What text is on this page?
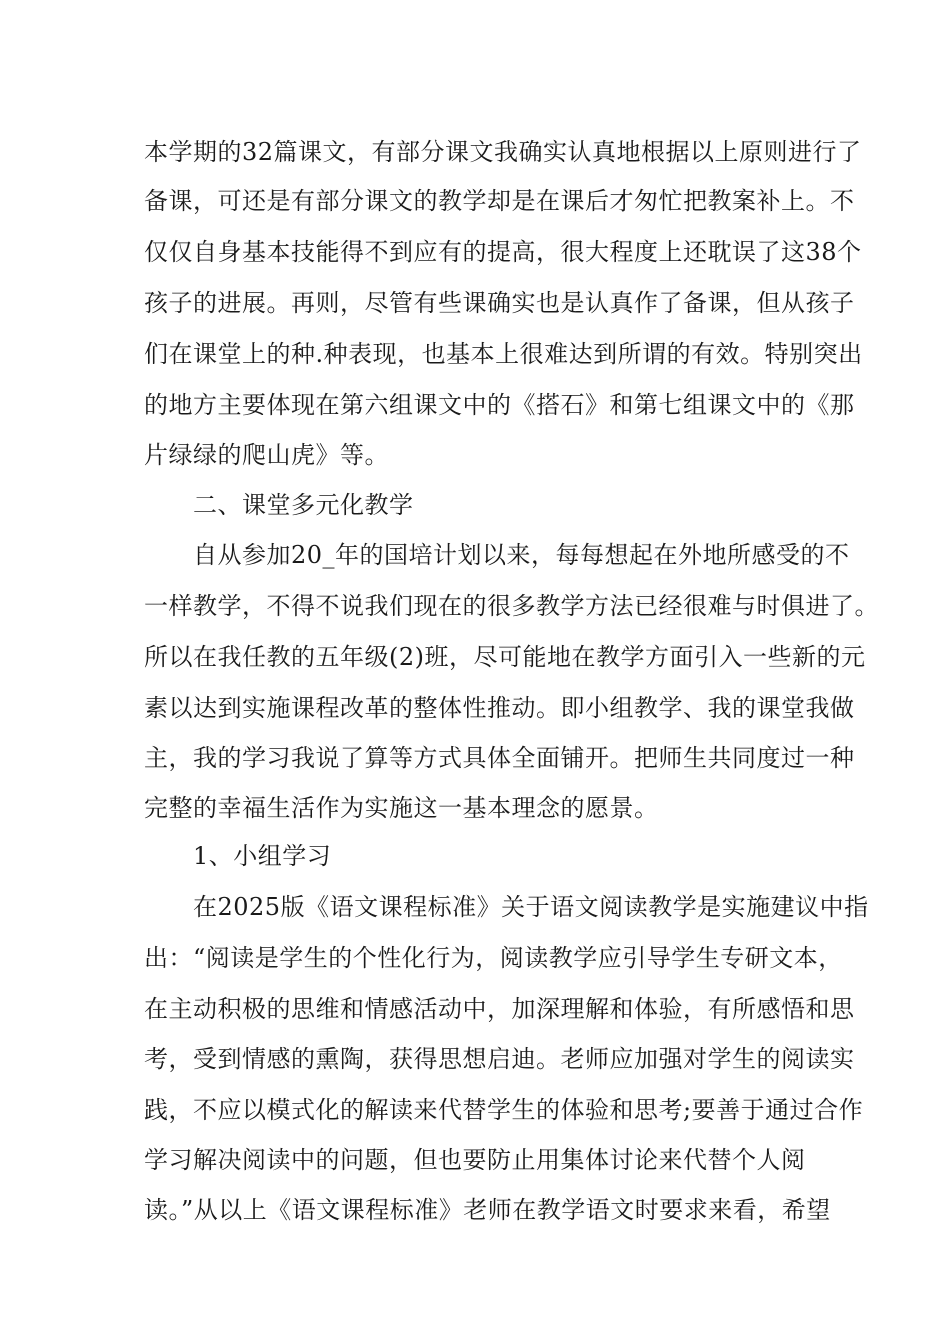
本学期的32篇课文，有部分课文我确实认真地根据以上原则进行了
备课，可还是有部分课文的教学却是在课后才匆忙把教案补上。不
仅仅自身基本技能得不到应有的提高，很大程度上还耽误了这38个
孩子的进展。再则，尽管有些课确实也是认真作了备课，但从孩子
们在课堂上的种.种表现，也基本上很难达到所谓的有效。特别突出
的地方主要体现在第六组课文中的《搭石》和第七组课文中的《那
片绿绿的爬山虎》等。
二、课堂多元化教学
自从参加20_年的国培计划以来，每每想起在外地所感受的不
一样教学，不得不说我们现在的很多教学方法已经很难与时俱进了。
所以在我任教的五年级(2)班，尽可能地在教学方面引入一些新的元
素以达到实施课程改革的整体性推动。即小组教学、我的课堂我做
主，我的学习我说了算等方式具体全面铺开。把师生共同度过一种
完整的幸福生活作为实施这一基本理念的愿景。
1、小组学习
在2025版《语文课程标准》关于语文阅读教学是实施建议中指
出：“阅读是学生的个性化行为，阅读教学应引导学生专研文本，
在主动积极的思维和情感活动中，加深理解和体验，有所感悟和思
考，受到情感的熏陶，获得思想启迪。老师应加强对学生的阅读实
践，不应以模式化的解读来代替学生的体验和思考;要善于通过合作
学习解决阅读中的问题，但也要防止用集体讨论来代替个人阅
读。”从以上《语文课程标准》老师在教学语文时要求来看，希望
